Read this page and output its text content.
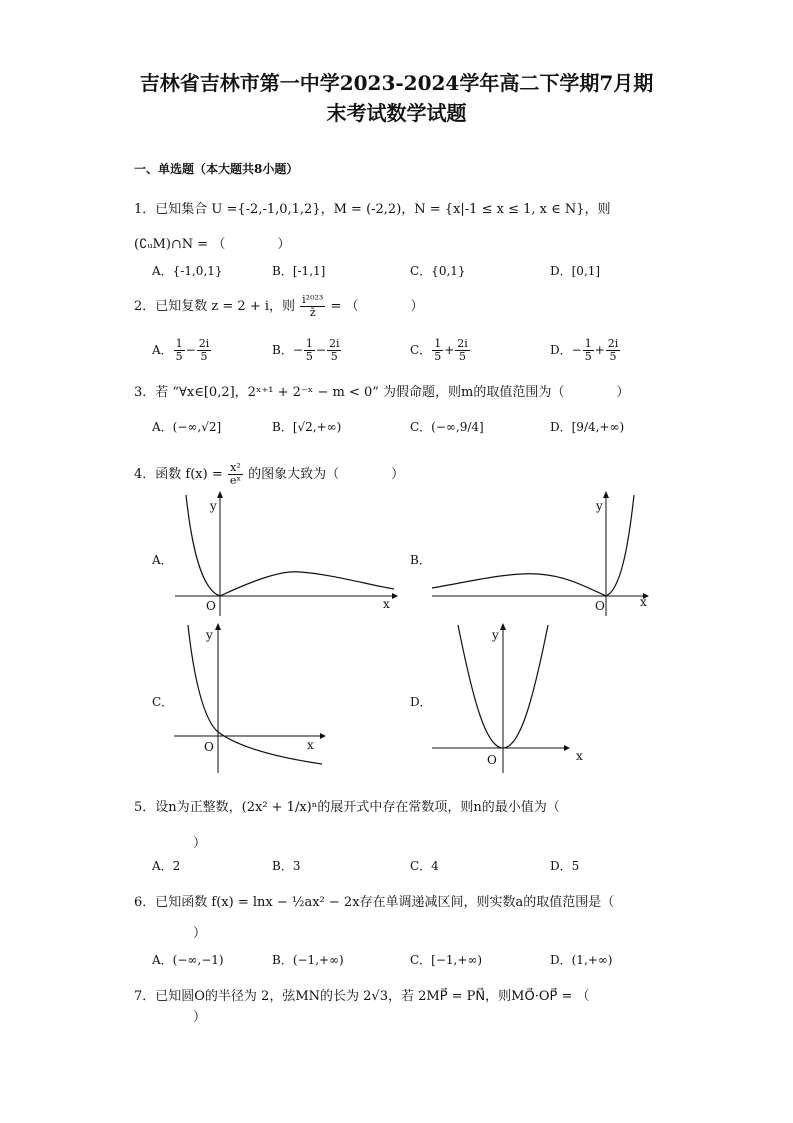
吉林省吉林市第一中学2023-2024学年高二下学期7月期
末考试数学试题
一、单选题（本大题共8小题）
1．已知集合 U ={-2,-1,0,1,2}，M = (-2,2)，N = {x|-1 ≤ x ≤ 1, x ∈ N}，则
(∁ᵤM)∩N = （　　　　）
A．{-1,0,1}	B．[-1,1]	C．{0,1}	D．[0,1]
2．已知复数 z = 2 + i，则 $\frac{\text{i²⁰²³}}{z̄}$ = （　　　　）
A． $\frac{1}{5} - \frac{2i}{5}$	B．− $\frac{1}{5} - \frac{2i}{5}$	C． $\frac{1}{5} + \frac{2i}{5}$	D．− $\frac{1}{5} + \frac{2i}{5}$
3．若 “∀x∈[0,2]，2ˣ⁺¹ + 2⁻ˣ − m < 0” 为假命题，则m的取值范围为（　　　　）
A．(−∞,√2]	B．[√2,+∞)	C．(−∞,9/4]	D．[9/4,+∞)
4．函数 $f(x) = \frac{\text{x²}}{\text{eˣ}}$ 的图象大致为（　　　　）
A．	B．
C．	D．
y
x
O
y
x
O
y
x
O
y
x
O
5．设n为正整数，(2x² + 1/x)ⁿ的展开式中存在常数项，则n的最小值为（
）
A．2	B．3	C．4	D．5
6．已知函数 f(x) = lnx − ½ax² − 2x存在单调递减区间，则实数a的取值范围是（
）
A．(−∞,−1)	B．(−1,+∞)	C．[−1,+∞)	D．(1,+∞)
7．已知圆O的半径为 2，弦MN的长为 2√3，若 2MP⃗ = PN⃗，则MO⃗·OP⃗ = （
）
